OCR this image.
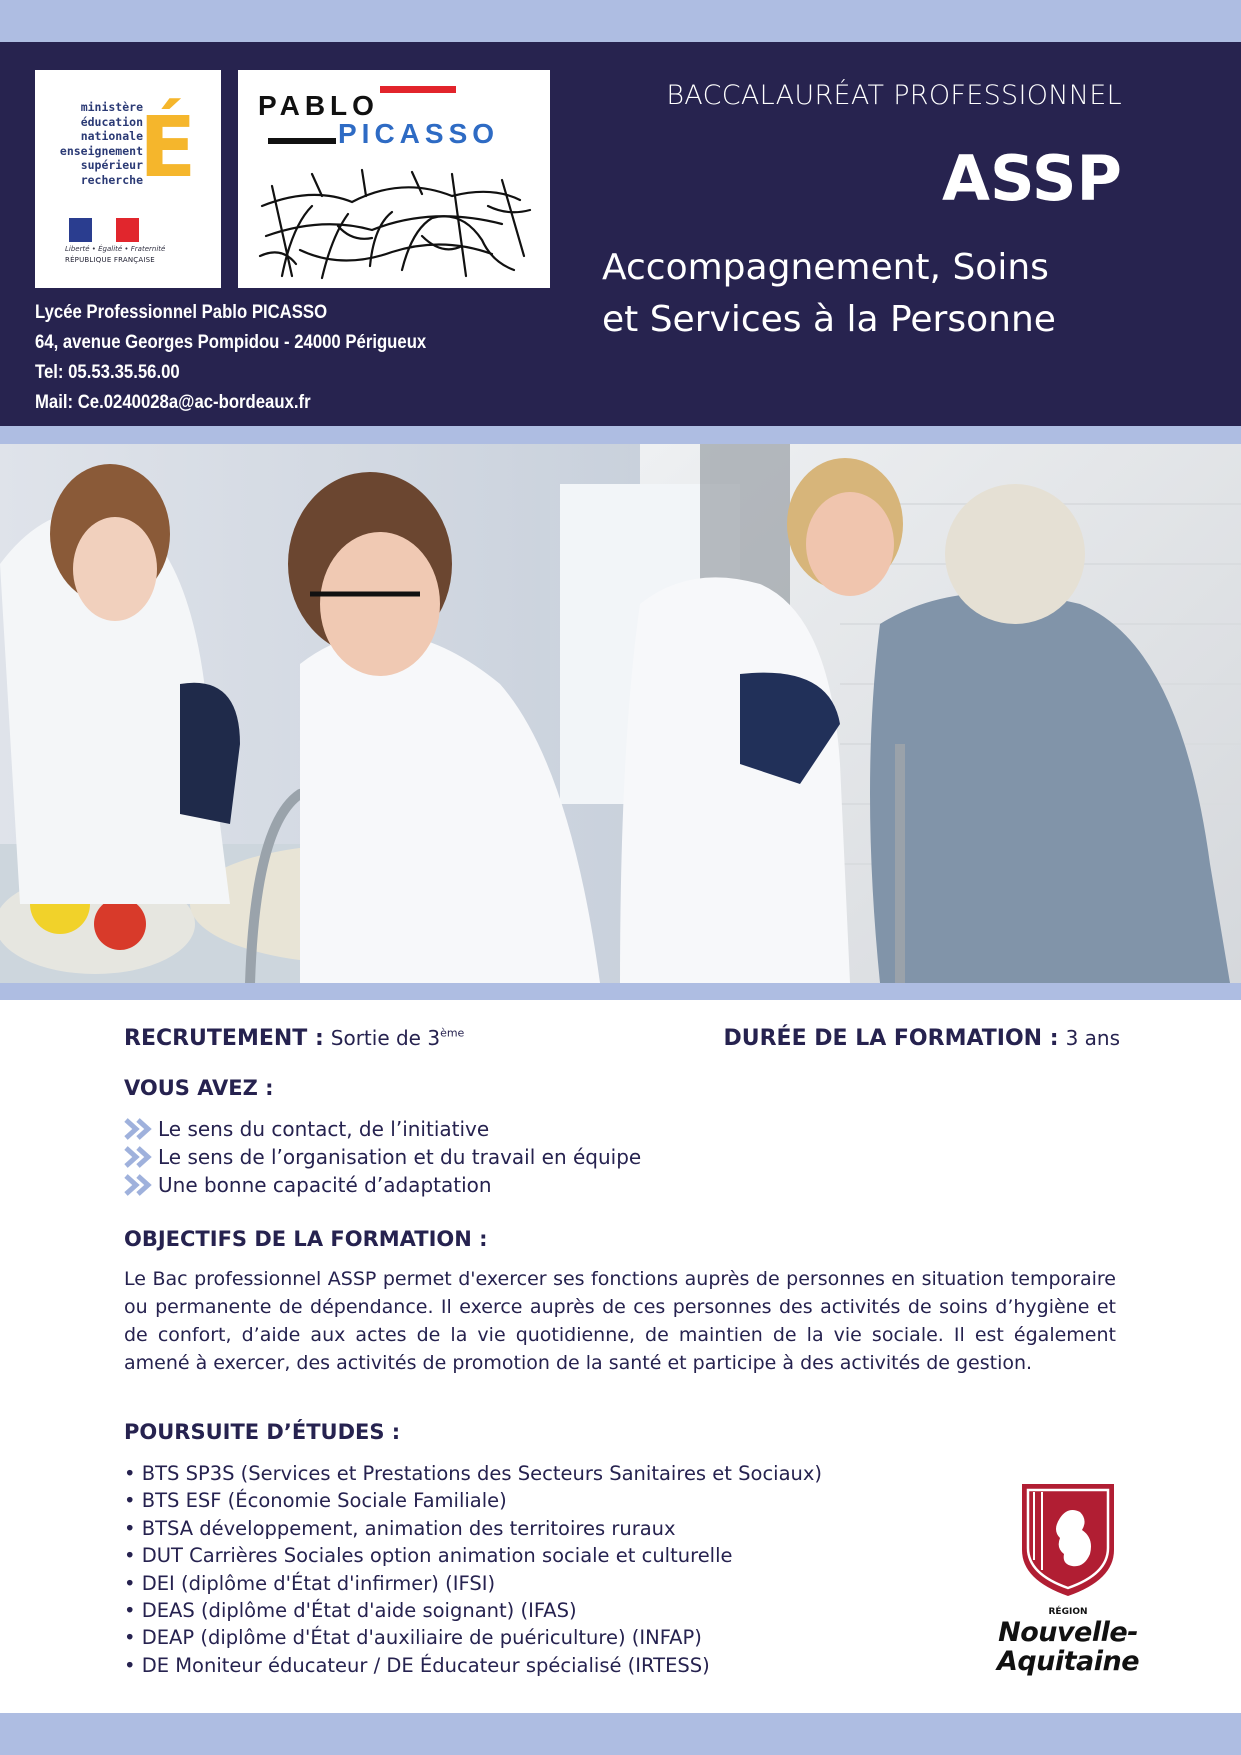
ministère
éducation
nationale
enseignement
supérieur
recherche
É
Liberté • Égalité • Fraternité
RÉPUBLIQUE FRANÇAISE
PABLO
PICASSO
Lycée Professionnel Pablo PICASSO
64, avenue Georges Pompidou - 24000 Périgueux
Tel: 05.53.35.56.00
Mail: Ce.0240028a@ac-bordeaux.fr
BACCALAURÉAT PROFESSIONNEL
ASSP
Accompagnement, Soins
et Services à la Personne
RECRUTEMENT : Sortie de 3ème	DURÉE DE LA FORMATION : 3 ans
VOUS AVEZ :
Le sens du contact, de l’initiative
Le sens de l’organisation et du travail en équipe
Une bonne capacité d’adaptation
OBJECTIFS DE LA FORMATION :

Le Bac professionnel ASSP permet d'exercer ses fonctions auprès de personnes en situation temporaire ou permanente de dépendance. Il exerce auprès de ces personnes des activités de soins d’hygiène et de confort, d’aide aux actes de la vie quotidienne, de maintien de la vie sociale. Il est également amené à exercer, des activités de promotion de la santé et participe à des activités de gestion.

POURSUITE D’ÉTUDES :
• BTS SP3S (Services et Prestations des Secteurs Sanitaires et Sociaux)
• BTS ESF (Économie Sociale Familiale)
• BTSA développement, animation des territoires ruraux
• DUT Carrières Sociales option animation sociale et culturelle
• DEI (diplôme d'État d'infirmer) (IFSI)
• DEAS (diplôme d'État d'aide soignant) (IFAS)
• DEAP (diplôme d'État d'auxiliaire de puériculture) (INFAP)
• DE Moniteur éducateur / DE Éducateur spécialisé (IRTESS)
RÉGION
Nouvelle-
Aquitaine
